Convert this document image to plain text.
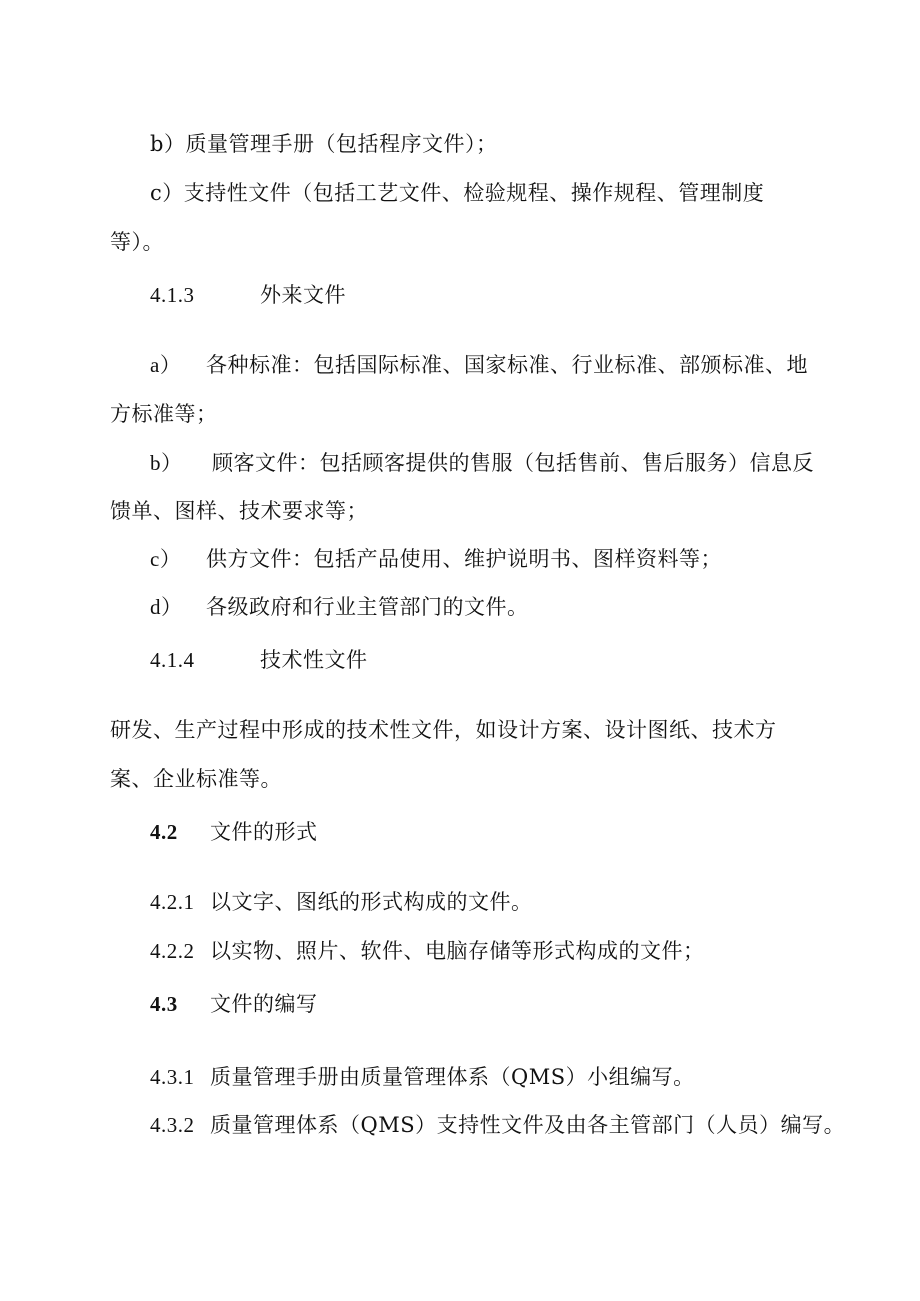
b）质量管理手册（包括程序文件）；
c）支持性文件（包括工艺文件、检验规程、操作规程、管理制度
等）。
4.1.3	外来文件
a） 各种标准：包括国际标准、国家标准、行业标准、部颁标准、地
方标准等；
b） 顾客文件：包括顾客提供的售服（包括售前、售后服务）信息反
馈单、图样、技术要求等；
c） 供方文件：包括产品使用、维护说明书、图样资料等；
d） 各级政府和行业主管部门的文件。
4.1.4	技术性文件
研发、生产过程中形成的技术性文件，如设计方案、设计图纸、技术方
案、企业标准等。
4.2 文件的形式
4.2.1 以文字、图纸的形式构成的文件。
4.2.2 以实物、照片、软件、电脑存储等形式构成的文件；
4.3 文件的编写
4.3.1 质量管理手册由质量管理体系（QMS）小组编写。
4.3.2 质量管理体系（QMS）支持性文件及由各主管部门（人员）编写。
